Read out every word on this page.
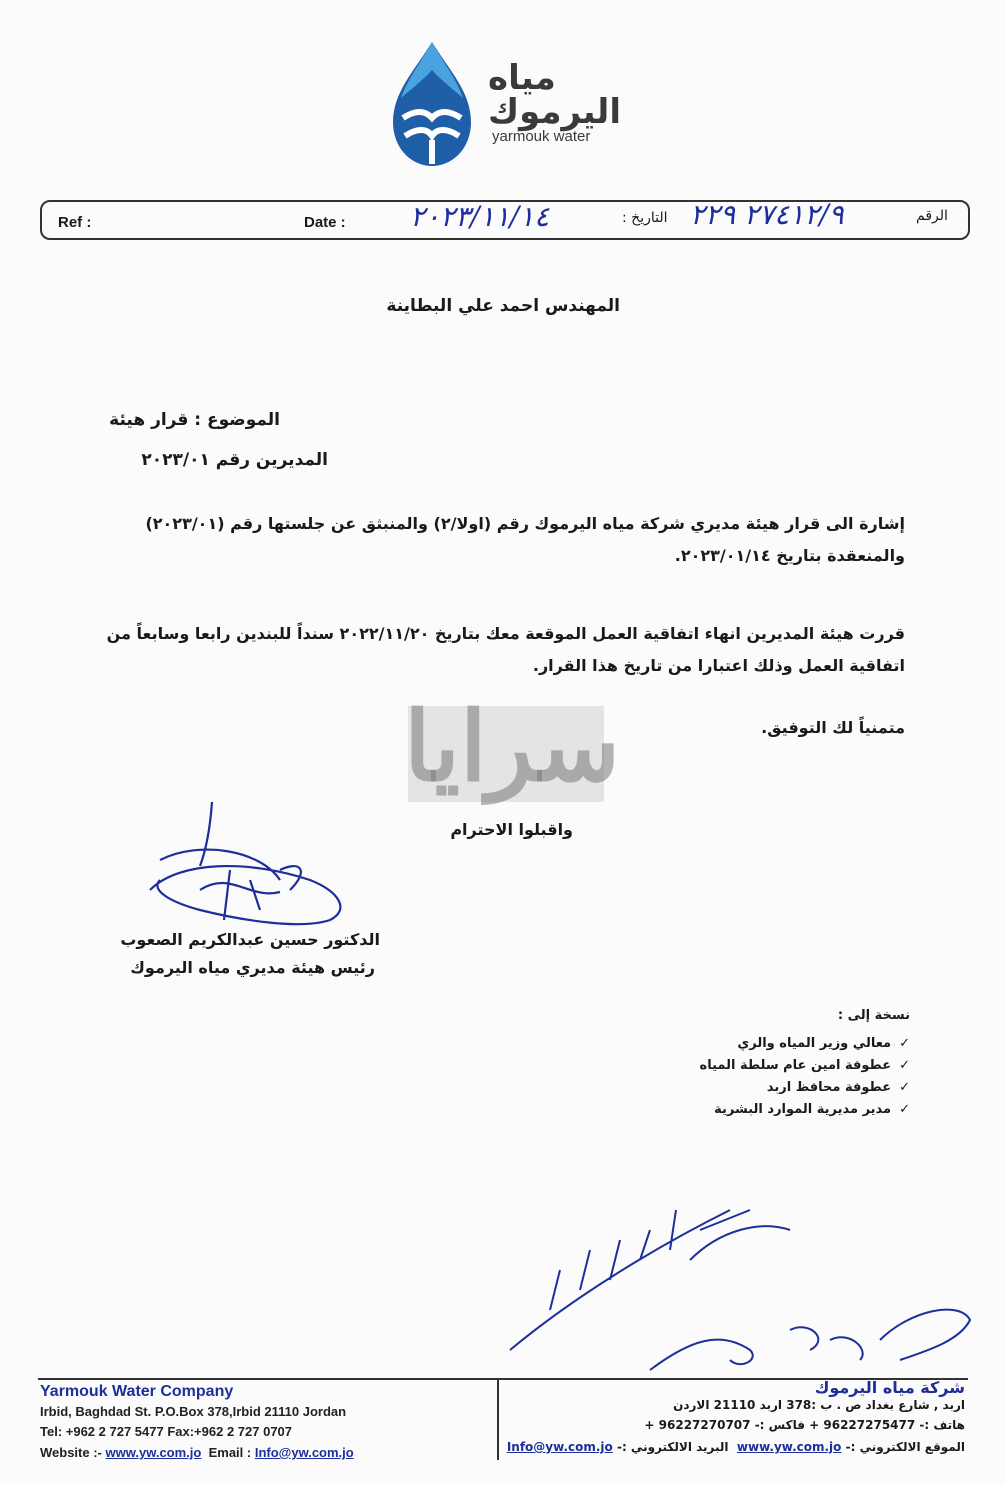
مياه
اليرموك
yarmouk water
Ref :	Date : ٢٠٢٣/١١/١٤	التاريخ : ٢٧٤١٢/٩ ٢٢٩	الرقم
المهندس احمد علي البطاينة
الموضوع : قرار هيئة
المديرين رقم ٢٠٢٣/٠١
إشارة الى قرار هيئة مديري شركة مياه اليرموك رقم (اولا/٢) والمنبثق عن جلستها رقم (٢٠٢٣/٠١) والمنعقدة بتاريخ ٢٠٢٣/٠١/١٤.
قررت هيئة المديرين انهاء اتفاقية العمل الموقعة معك بتاريخ ٢٠٢٢/١١/٢٠ سنداً للبندين رابعا وسابعاً من اتفاقية العمل وذلك اعتبارا من تاريخ هذا القرار.
متمنياً لك التوفيق.
سرايا
واقبلوا الاحترام
الدكتور حسين عبدالكريم الصعوب
رئيس هيئة مديري مياه اليرموك
نسخة إلى :
✓معالي وزير المياه والري
✓عطوفة امين عام سلطة المياه
✓عطوفة محافظ اربد
✓مدير مديرية الموارد البشرية
Yarmouk Water Company
Irbid, Baghdad St. P.O.Box 378,Irbid 21110 Jordan
Tel: +962 2 727 5477 Fax:+962 2 727 0707
Website :- www.yw.com.jo Email : Info@yw.com.jo
شركة مياه اليرموك
اربد , شارع بغداد ص . ب :378 اربد 21110 الاردن
هاتف :- 96227275477 + فاكس :- 96227270707 +
الموقع الالكتروني :- www.yw.com.jo  البريد الالكتروني :- Info@yw.com.jo
